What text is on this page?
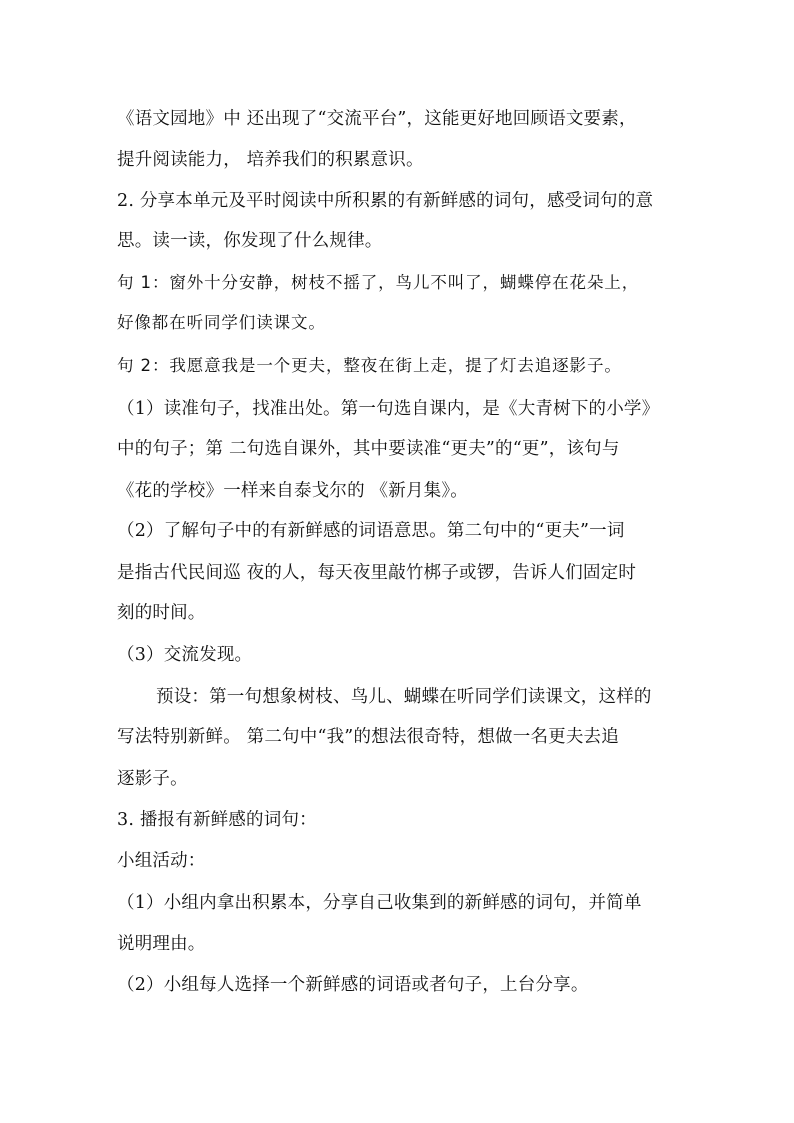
《语文园地》中 还出现了“交流平台”，这能更好地回顾语文要素，
提升阅读能力， 培养我们的积累意识。
2. 分享本单元及平时阅读中所积累的有新鲜感的词句，感受词句的意
思。读一读，你发现了什么规律。
句 1：窗外十分安静，树枝不摇了，鸟儿不叫了，蝴蝶停在花朵上，
好像都在听同学们读课文。
句 2：我愿意我是一个更夫，整夜在街上走，提了灯去追逐影子。
（1）读准句子，找准出处。第一句选自课内，是《大青树下的小学》
中的句子；第 二句选自课外，其中要读准“更夫”的“更”，该句与
《花的学校》一样来自泰戈尔的 《新月集》。
（2）了解句子中的有新鲜感的词语意思。第二句中的“更夫”一词
是指古代民间巡 夜的人，每天夜里敲竹梆子或锣，告诉人们固定时
刻的时间。
（3）交流发现。
预设：第一句想象树枝、鸟儿、蝴蝶在听同学们读课文，这样的
写法特别新鲜。 第二句中“我”的想法很奇特，想做一名更夫去追
逐影子。
3. 播报有新鲜感的词句：
小组活动：
（1）小组内拿出积累本，分享自己收集到的新鲜感的词句，并简单
说明理由。
（2）小组每人选择一个新鲜感的词语或者句子，上台分享。
